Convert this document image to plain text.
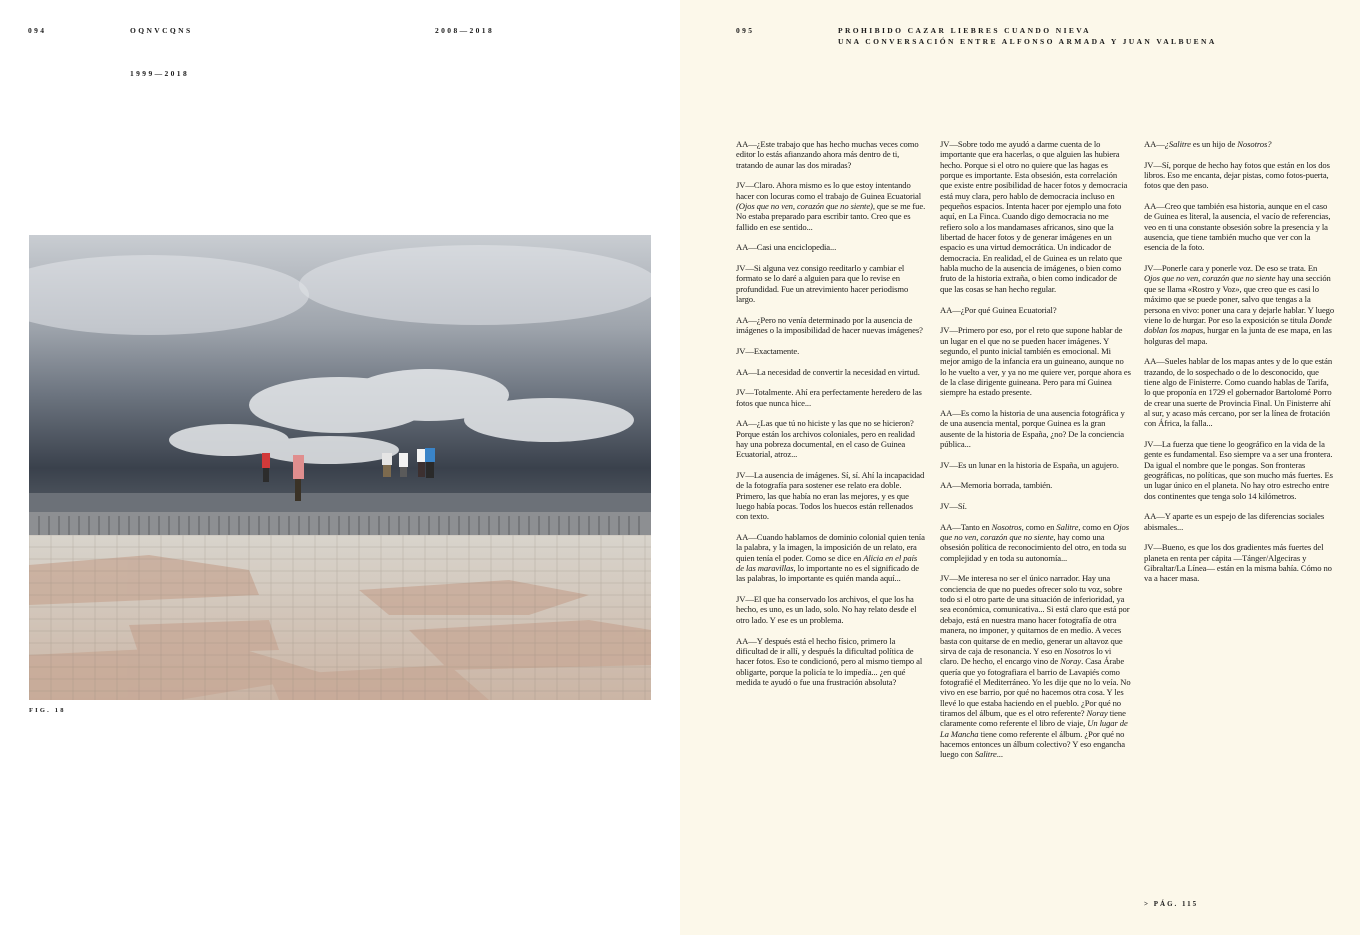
094	OQNVCQNS	2008—2018
1999—2018
FIG. 18
095	PROHIBIDO CAZAR LIEBRES CUANDO NIEVA
UNA CONVERSACIÓN ENTRE ALFONSO ARMADA Y JUAN VALBUENA

AA—¿Este trabajo que has hecho muchas veces como editor lo estás afianzando ahora más dentro de ti, tratando de aunar las dos miradas?

JV—Claro. Ahora mismo es lo que estoy intentando hacer con locuras como el trabajo de Guinea Ecuatorial (Ojos que no ven, corazón que no siente), que se me fue. No estaba preparado para escribir tanto. Creo que es fallido en ese sentido...

AA—Casi una enciclopedia...

JV—Si alguna vez consigo reeditarlo y cambiar el formato se lo daré a alguien para que lo revise en profundidad. Fue un atrevimiento hacer periodismo largo.

AA—¿Pero no venía determinado por la ausencia de imágenes o la imposibilidad de hacer nuevas imágenes?

JV—Exactamente.

AA—La necesidad de convertir la necesidad en virtud.

JV—Totalmente. Ahí era perfectamente heredero de las fotos que nunca hice...

AA—¿Las que tú no hiciste y las que no se hicieron? Porque están los archivos coloniales, pero en realidad hay una pobreza documental, en el caso de Guinea Ecuatorial, atroz...

JV—La ausencia de imágenes. Sí, sí. Ahí la incapacidad de la fotografía para sostener ese relato era doble. Primero, las que había no eran las mejores, y es que luego había pocas. Todos los huecos están rellenados con texto.

AA—Cuando hablamos de dominio colonial quien tenía la palabra, y la imagen, la imposición de un relato, era quien tenía el poder. Como se dice en Alicia en el país de las maravillas, lo importante no es el significado de las palabras, lo importante es quién manda aquí...

JV—El que ha conservado los archivos, el que los ha hecho, es uno, es un lado, solo. No hay relato desde el otro lado. Y ese es un problema.

AA—Y después está el hecho físico, primero la dificultad de ir allí, y después la dificultad política de hacer fotos. Eso te condicionó, pero al mismo tiempo al obligarte, porque la policía te lo impedía... ¿en qué medida te ayudó o fue una frustración absoluta?

JV—Sobre todo me ayudó a darme cuenta de lo importante que era hacerlas, o que alguien las hubiera hecho. Porque si el otro no quiere que las hagas es porque es importante. Esta obsesión, esta correlación que existe entre posibilidad de hacer fotos y democracia está muy clara, pero hablo de democracia incluso en pequeños espacios. Intenta hacer por ejemplo una foto aquí, en La Finca. Cuando digo democracia no me refiero solo a los mandamases africanos, sino que la libertad de hacer fotos y de generar imágenes en un espacio es una virtud democrática. Un indicador de democracia. En realidad, el de Guinea es un relato que habla mucho de la ausencia de imágenes, o bien como fruto de la historia extraña, o bien como indicador de que las cosas se han hecho regular.

AA—¿Por qué Guinea Ecuatorial?

JV—Primero por eso, por el reto que supone hablar de un lugar en el que no se pueden hacer imágenes. Y segundo, el punto inicial también es emocional. Mi mejor amigo de la infancia era un guineano, aunque no lo he vuelto a ver, y ya no me quiere ver, porque ahora es de la clase dirigente guineana. Pero para mí Guinea siempre ha estado presente.

AA—Es como la historia de una ausencia fotográfica y de una ausencia mental, porque Guinea es la gran ausente de la historia de España, ¿no? De la conciencia pública...

JV—Es un lunar en la historia de España, un agujero.

AA—Memoria borrada, también.

JV—Sí.

AA—Tanto en Nosotros, como en Salitre, como en Ojos que no ven, corazón que no siente, hay como una obsesión política de reconocimiento del otro, en toda su complejidad y en toda su autonomía...

JV—Me interesa no ser el único narrador. Hay una conciencia de que no puedes ofrecer solo tu voz, sobre todo si el otro parte de una situación de inferioridad, ya sea económica, comunicativa... Si está claro que está por debajo, está en nuestra mano hacer fotografía de otra manera, no imponer, y quitarnos de en medio. A veces basta con quitarse de en medio, generar un altavoz que sirva de caja de resonancia. Y eso en Nosotros lo vi claro. De hecho, el encargo vino de Noray. Casa Árabe quería que yo fotografiara el barrio de Lavapiés como fotografié el Mediterráneo. Yo les dije que no lo veía. No vivo en ese barrio, por qué no hacemos otra cosa. Y les llevé lo que estaba haciendo en el pueblo. ¿Por qué no tiramos del álbum, que es el otro referente? Noray tiene claramente como referente el libro de viaje, Un lugar de La Mancha tiene como referente el álbum. ¿Por qué no hacemos entonces un álbum colectivo? Y eso engancha luego con Salitre...

AA—¿Salitre es un hijo de Nosotros?

JV—Sí, porque de hecho hay fotos que están en los dos libros. Eso me encanta, dejar pistas, como fotos-puerta, fotos que den paso.

AA—Creo que también esa historia, aunque en el caso de Guinea es literal, la ausencia, el vacío de referencias, veo en ti una constante obsesión sobre la presencia y la ausencia, que tiene también mucho que ver con la esencia de la foto.

JV—Ponerle cara y ponerle voz. De eso se trata. En Ojos que no ven, corazón que no siente hay una sección que se llama «Rostro y Voz», que creo que es casi lo máximo que se puede poner, salvo que tengas a la persona en vivo: poner una cara y dejarle hablar. Y luego viene lo de hurgar. Por eso la exposición se titula Donde doblan los mapas, hurgar en la junta de ese mapa, en las holguras del mapa.

AA—Sueles hablar de los mapas antes y de lo que están trazando, de lo sospechado o de lo desconocido, que tiene algo de Finisterre. Como cuando hablas de Tarifa, lo que proponía en 1729 el gobernador Bartolomé Porro de crear una suerte de Provincia Final. Un Finisterre ahí al sur, y acaso más cercano, por ser la línea de frotación con África, la falla...

JV—La fuerza que tiene lo geográfico en la vida de la gente es fundamental. Eso siempre va a ser una frontera. Da igual el nombre que le pongas. Son fronteras geográficas, no políticas, que son mucho más fuertes. Es un lugar único en el planeta. No hay otro estrecho entre dos continentes que tenga solo 14 kilómetros.

AA—Y aparte es un espejo de las diferencias sociales abismales...

JV—Bueno, es que los dos gradientes más fuertes del planeta en renta per cápita —Tánger/Algeciras y Gibraltar/La Línea— están en la misma bahía. Cómo no va a hacer masa.

> PÁG. 115
